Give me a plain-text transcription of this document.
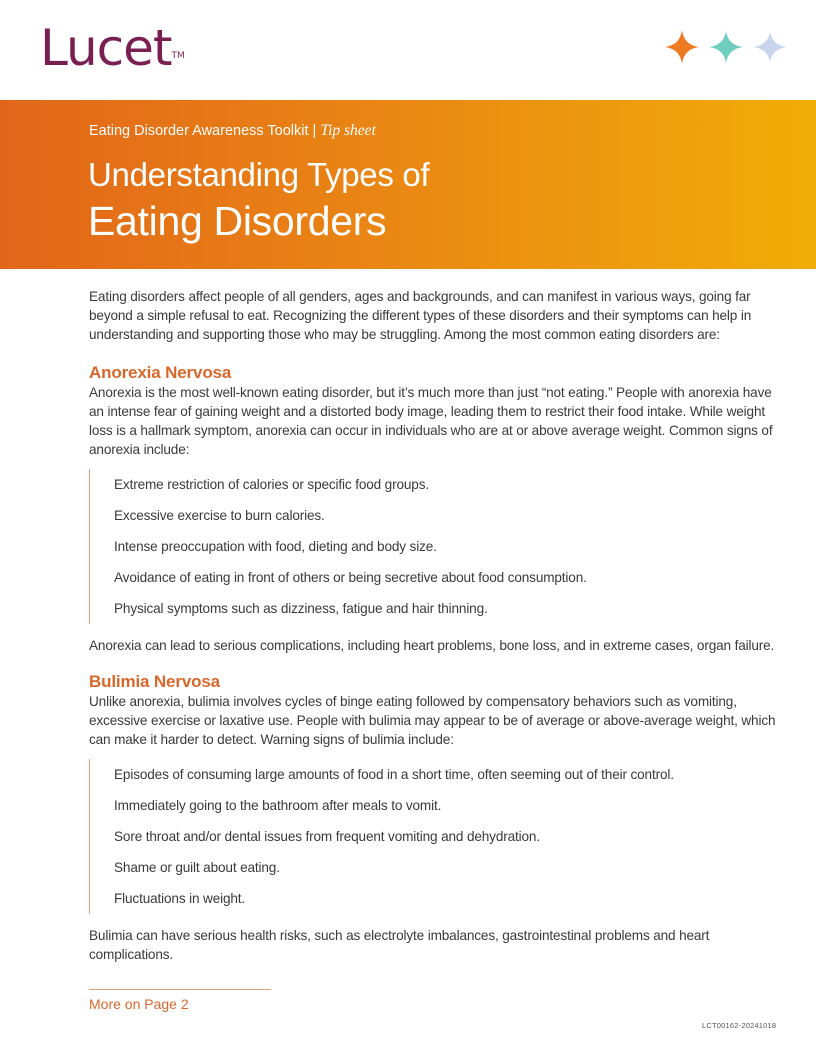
Lucet™
Eating Disorder Awareness Toolkit | Tip sheet
Understanding Types of
Eating Disorders

Eating disorders affect people of all genders, ages and backgrounds, and can manifest in various ways, going far beyond a simple refusal to eat. Recognizing the different types of these disorders and their symptoms can help in understanding and supporting those who may be struggling. Among the most common eating disorders are:

Anorexia Nervosa

Anorexia is the most well-known eating disorder, but it’s much more than just “not eating.” People with anorexia have an intense fear of gaining weight and a distorted body image, leading them to restrict their food intake. While weight loss is a hallmark symptom, anorexia can occur in individuals who are at or above average weight. Common signs of anorexia include:

Extreme restriction of calories or specific food groups.
Excessive exercise to burn calories.
Intense preoccupation with food, dieting and body size.
Avoidance of eating in front of others or being secretive about food consumption.
Physical symptoms such as dizziness, fatigue and hair thinning.

Anorexia can lead to serious complications, including heart problems, bone loss, and in extreme cases, organ failure.

Bulimia Nervosa

Unlike anorexia, bulimia involves cycles of binge eating followed by compensatory behaviors such as vomiting, excessive exercise or laxative use. People with bulimia may appear to be of average or above-average weight, which can make it harder to detect. Warning signs of bulimia include:

Episodes of consuming large amounts of food in a short time, often seeming out of their control.
Immediately going to the bathroom after meals to vomit.
Sore throat and/or dental issues from frequent vomiting and dehydration.
Shame or guilt about eating.
Fluctuations in weight.

Bulimia can have serious health risks, such as electrolyte imbalances, gastrointestinal problems and heart complications.

More on Page 2
LCT00162-20241018
